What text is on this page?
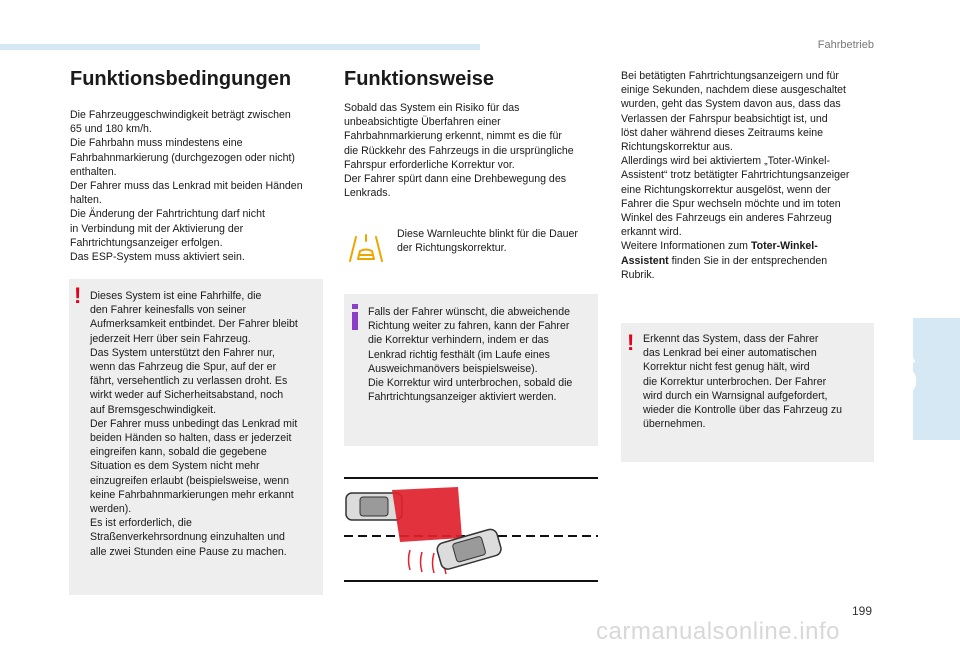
Fahrbetrieb
6
Funktionsbedingungen

Die Fahrzeuggeschwindigkeit beträgt zwischen
65 und 180 km/h.
Die Fahrbahn muss mindestens eine
Fahrbahnmarkierung (durchgezogen oder nicht)
enthalten.
Der Fahrer muss das Lenkrad mit beiden Händen
halten.
Die Änderung der Fahrtrichtung darf nicht
in Verbindung mit der Aktivierung der
Fahrtrichtungsanzeiger erfolgen.
Das ESP-System muss aktiviert sein.

! Dieses System ist eine Fahrhilfe, die
den Fahrer keinesfalls von seiner
Aufmerksamkeit entbindet. Der Fahrer bleibt
jederzeit Herr über sein Fahrzeug.
Das System unterstützt den Fahrer nur,
wenn das Fahrzeug die Spur, auf der er
fährt, versehentlich zu verlassen droht. Es
wirkt weder auf Sicherheitsabstand, noch
auf Bremsgeschwindigkeit.
Der Fahrer muss unbedingt das Lenkrad mit
beiden Händen so halten, dass er jederzeit
eingreifen kann, sobald die gegebene
Situation es dem System nicht mehr
einzugreifen erlaubt (beispielsweise, wenn
keine Fahrbahnmarkierungen mehr erkannt
werden).
Es ist erforderlich, die
Straßenverkehrsordnung einzuhalten und
alle zwei Stunden eine Pause zu machen.

Funktionsweise

Sobald das System ein Risiko für das
unbeabsichtigte Überfahren einer
Fahrbahnmarkierung erkennt, nimmt es die für
die Rückkehr des Fahrzeugs in die ursprüngliche
Fahrspur erforderliche Korrektur vor.
Der Fahrer spürt dann eine Drehbewegung des
Lenkrads.

Diese Warnleuchte blinkt für die Dauer
der Richtungskorrektur.

Falls der Fahrer wünscht, die abweichende
Richtung weiter zu fahren, kann der Fahrer
die Korrektur verhindern, indem er das
Lenkrad richtig festhält (im Laufe eines
Ausweichmanövers beispielsweise).
Die Korrektur wird unterbrochen, sobald die
Fahrtrichtungsanzeiger aktiviert werden.

Bei betätigten Fahrtrichtungsanzeigern und für
einige Sekunden, nachdem diese ausgeschaltet
wurden, geht das System davon aus, dass das
Verlassen der Fahrspur beabsichtigt ist, und
löst daher während dieses Zeitraums keine
Richtungskorrektur aus.
Allerdings wird bei aktiviertem „Toter-Winkel-
Assistent“ trotz betätigter Fahrtrichtungsanzeiger
eine Richtungskorrektur ausgelöst, wenn der
Fahrer die Spur wechseln möchte und im toten
Winkel des Fahrzeugs ein anderes Fahrzeug
erkannt wird.
Weitere Informationen zum Toter-Winkel-
Assistent finden Sie in der entsprechenden
Rubrik.

! Erkennt das System, dass der Fahrer
das Lenkrad bei einer automatischen
Korrektur nicht fest genug hält, wird
die Korrektur unterbrochen. Der Fahrer
wird durch ein Warnsignal aufgefordert,
wieder die Kontrolle über das Fahrzeug zu
übernehmen.

199
carmanualsonline.info
